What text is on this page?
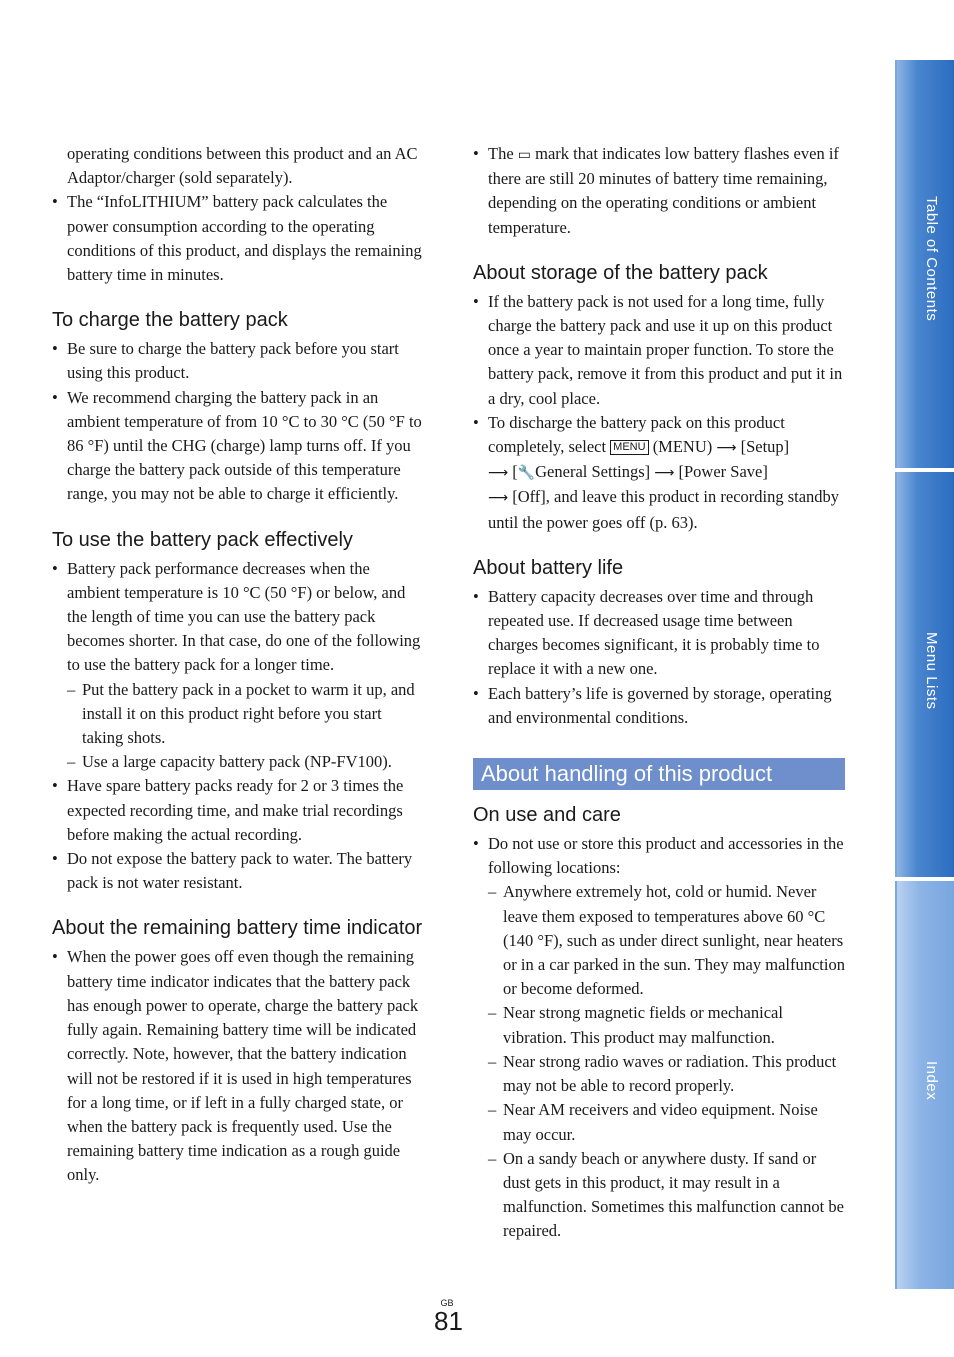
operating conditions between this product and an AC Adaptor/charger (sold separately).

• The “InfoLITHIUM” battery pack calculates the power consumption according to the operating conditions of this product, and displays the remaining battery time in minutes.
To charge the battery pack
• Be sure to charge the battery pack before you start using this product.
• We recommend charging the battery pack in an ambient temperature of from 10 °C to 30 °C (50 °F to 86 °F) until the CHG (charge) lamp turns off. If you charge the battery pack outside of this temperature range, you may not be able to charge it efficiently.
To use the battery pack effectively
• Battery pack performance decreases when the ambient temperature is 10 °C (50 °F) or below, and the length of time you can use the battery pack becomes shorter. In that case, do one of the following to use the battery pack for a longer time.
– Put the battery pack in a pocket to warm it up, and install it on this product right before you start taking shots.
– Use a large capacity battery pack (NP-FV100).
• Have spare battery packs ready for 2 or 3 times the expected recording time, and make trial recordings before making the actual recording.
• Do not expose the battery pack to water. The battery pack is not water resistant.
About the remaining battery time indicator
• When the power goes off even though the remaining battery time indicator indicates that the battery pack has enough power to operate, charge the battery pack fully again. Remaining battery time will be indicated correctly. Note, however, that the battery indication will not be restored if it is used in high temperatures for a long time, or if left in a fully charged state, or when the battery pack is frequently used. Use the remaining battery time indication as a rough guide only.
• The ▭ mark that indicates low battery flashes even if there are still 20 minutes of battery time remaining, depending on the operating conditions or ambient temperature.
About storage of the battery pack
• If the battery pack is not used for a long time, fully charge the battery pack and use it up on this product once a year to maintain proper function. To store the battery pack, remove it from this product and put it in a dry, cool place.
• To discharge the battery pack on this product completely, select MENU (MENU) ⟶ [Setup]
⟶ [🔧General Settings] ⟶ [Power Save]
⟶ [Off], and leave this product in recording standby until the power goes off (p. 63).
About battery life
• Battery capacity decreases over time and through repeated use. If decreased usage time between charges becomes significant, it is probably time to replace it with a new one.
• Each battery’s life is governed by storage, operating and environmental conditions.
About handling of this product
On use and care
• Do not use or store this product and accessories in the following locations:
– Anywhere extremely hot, cold or humid. Never leave them exposed to temperatures above 60 °C (140 °F), such as under direct sunlight, near heaters or in a car parked in the sun. They may malfunction or become deformed.
– Near strong magnetic fields or mechanical vibration. This product may malfunction.
– Near strong radio waves or radiation. This product may not be able to record properly.
– Near AM receivers and video equipment. Noise may occur.
– On a sandy beach or anywhere dusty. If sand or dust gets in this product, it may result in a malfunction. Sometimes this malfunction cannot be repaired.
Table of Contents
Menu Lists
Index
GB
81
